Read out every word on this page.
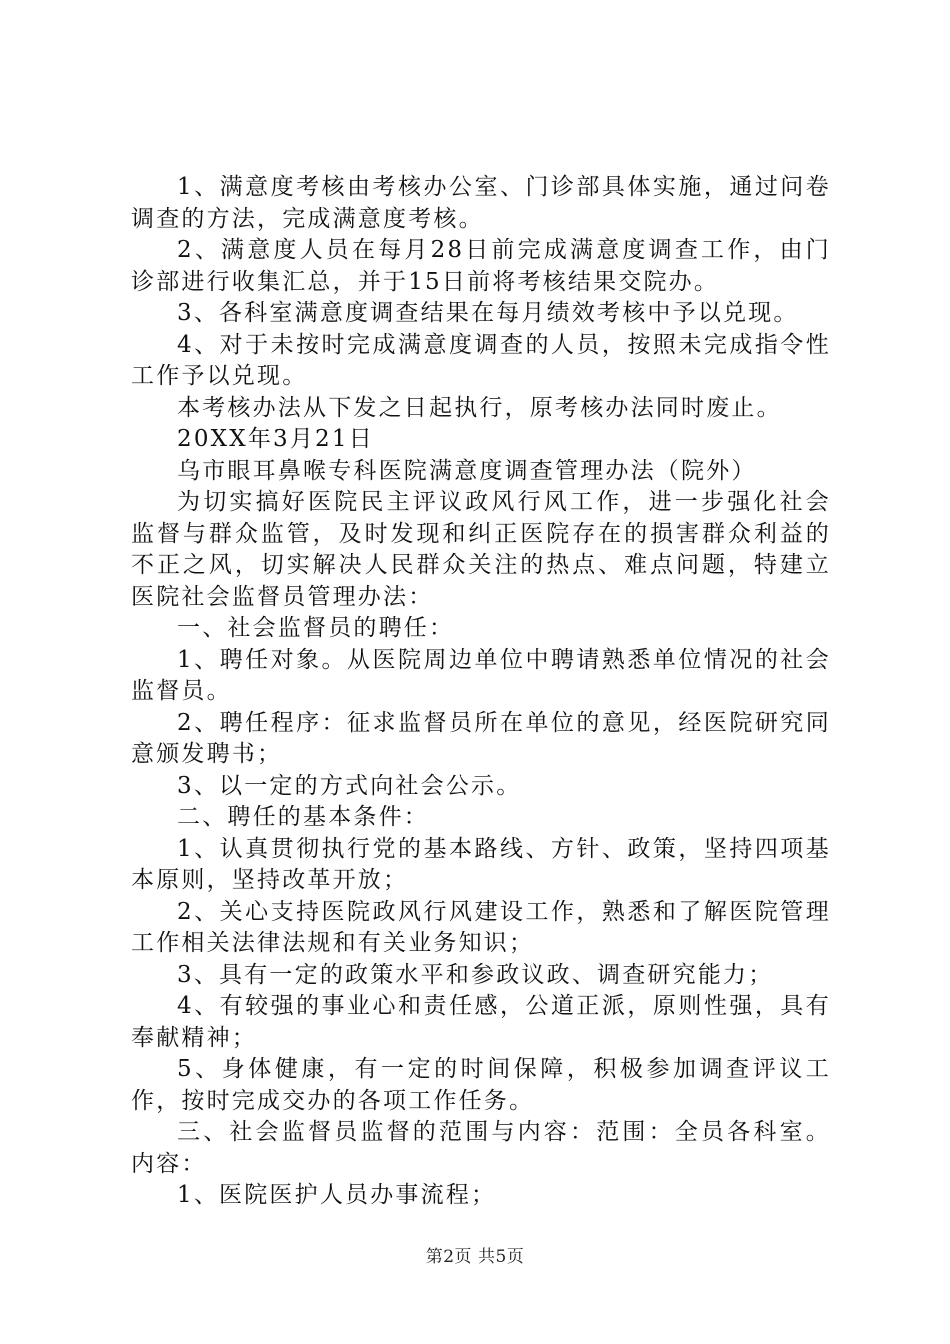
1、满意度考核由考核办公室、门诊部具体实施，通过问卷调查的方法，完成满意度考核。

2、满意度人员在每月28日前完成满意度调查工作，由门诊部进行收集汇总，并于15日前将考核结果交院办。

3、各科室满意度调查结果在每月绩效考核中予以兑现。

4、对于未按时完成满意度调查的人员，按照未完成指令性工作予以兑现。

本考核办法从下发之日起执行，原考核办法同时废止。

20XX年3月21日

乌市眼耳鼻喉专科医院满意度调查管理办法（院外）

为切实搞好医院民主评议政风行风工作，进一步强化社会监督与群众监管，及时发现和纠正医院存在的损害群众利益的不正之风，切实解决人民群众关注的热点、难点问题，特建立医院社会监督员管理办法：

一、社会监督员的聘任：

1、聘任对象。从医院周边单位中聘请熟悉单位情况的社会监督员。

2、聘任程序：征求监督员所在单位的意见，经医院研究同意颁发聘书；

3、以一定的方式向社会公示。

二、聘任的基本条件：

1、认真贯彻执行党的基本路线、方针、政策，坚持四项基本原则，坚持改革开放；

2、关心支持医院政风行风建设工作，熟悉和了解医院管理工作相关法律法规和有关业务知识；

3、具有一定的政策水平和参政议政、调查研究能力；

4、有较强的事业心和责任感，公道正派，原则性强，具有奉献精神；

5、身体健康，有一定的时间保障，积极参加调查评议工作，按时完成交办的各项工作任务。

三、社会监督员监督的范围与内容：范围：全员各科室。内容：

1、医院医护人员办事流程；

第2页 共5页
